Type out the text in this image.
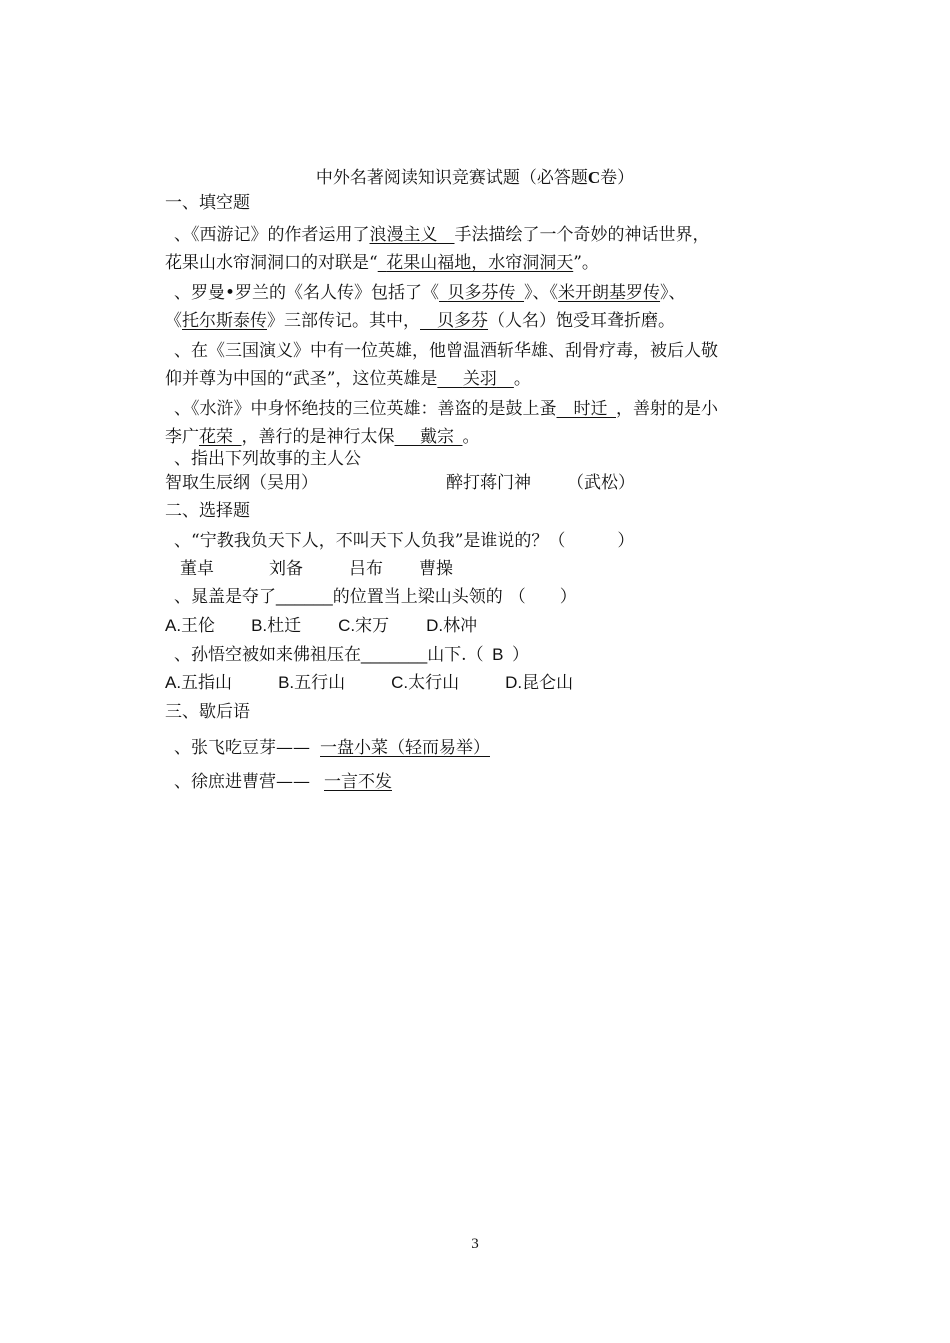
中外名著阅读知识竞赛试题（必答题C卷）
一、填空题
、《西游记》的作者运用了浪漫主义  手法描绘了一个奇妙的神话世界，
花果山水帘洞洞口的对联是“  花果山福地，水帘洞洞天”。
、罗曼•罗兰的《名人传》包括了《  贝多芬传  》、《米开朗基罗传》、
《托尔斯泰传》三部传记。其中，  贝多芬（人名）饱受耳聋折磨。
、在《三国演义》中有一位英雄，他曾温酒斩华雄、刮骨疗毒，被后人敬
仰并尊为中国的“武圣”，这位英雄是   关羽  。
、《水浒》中身怀绝技的三位英雄：善盗的是鼓上蚤   时迁  ，善射的是小
李广花荣  ，善行的是神行太保   戴宗  。
、指出下列故事的主人公
智取生辰纲（吴用）	醉打蒋门神 （武松）
二、选择题
、“宁教我负天下人，不叫天下人负我”是谁说的？（	）
董卓	刘备	吕布 曹操
、晁盖是夺了______的位置当上梁山头领的 （　　）
A.王伦 B.杜迁 C.宋万 D.林冲
、孙悟空被如来佛祖压在_______山下.（  B  ）
A.五指山	B.五行山	C.太行山	D.昆仑山
三、歇后语
、张飞吃豆芽—— 一盘小菜（轻而易举）
、徐庶进曹营—— 一言不发
3
